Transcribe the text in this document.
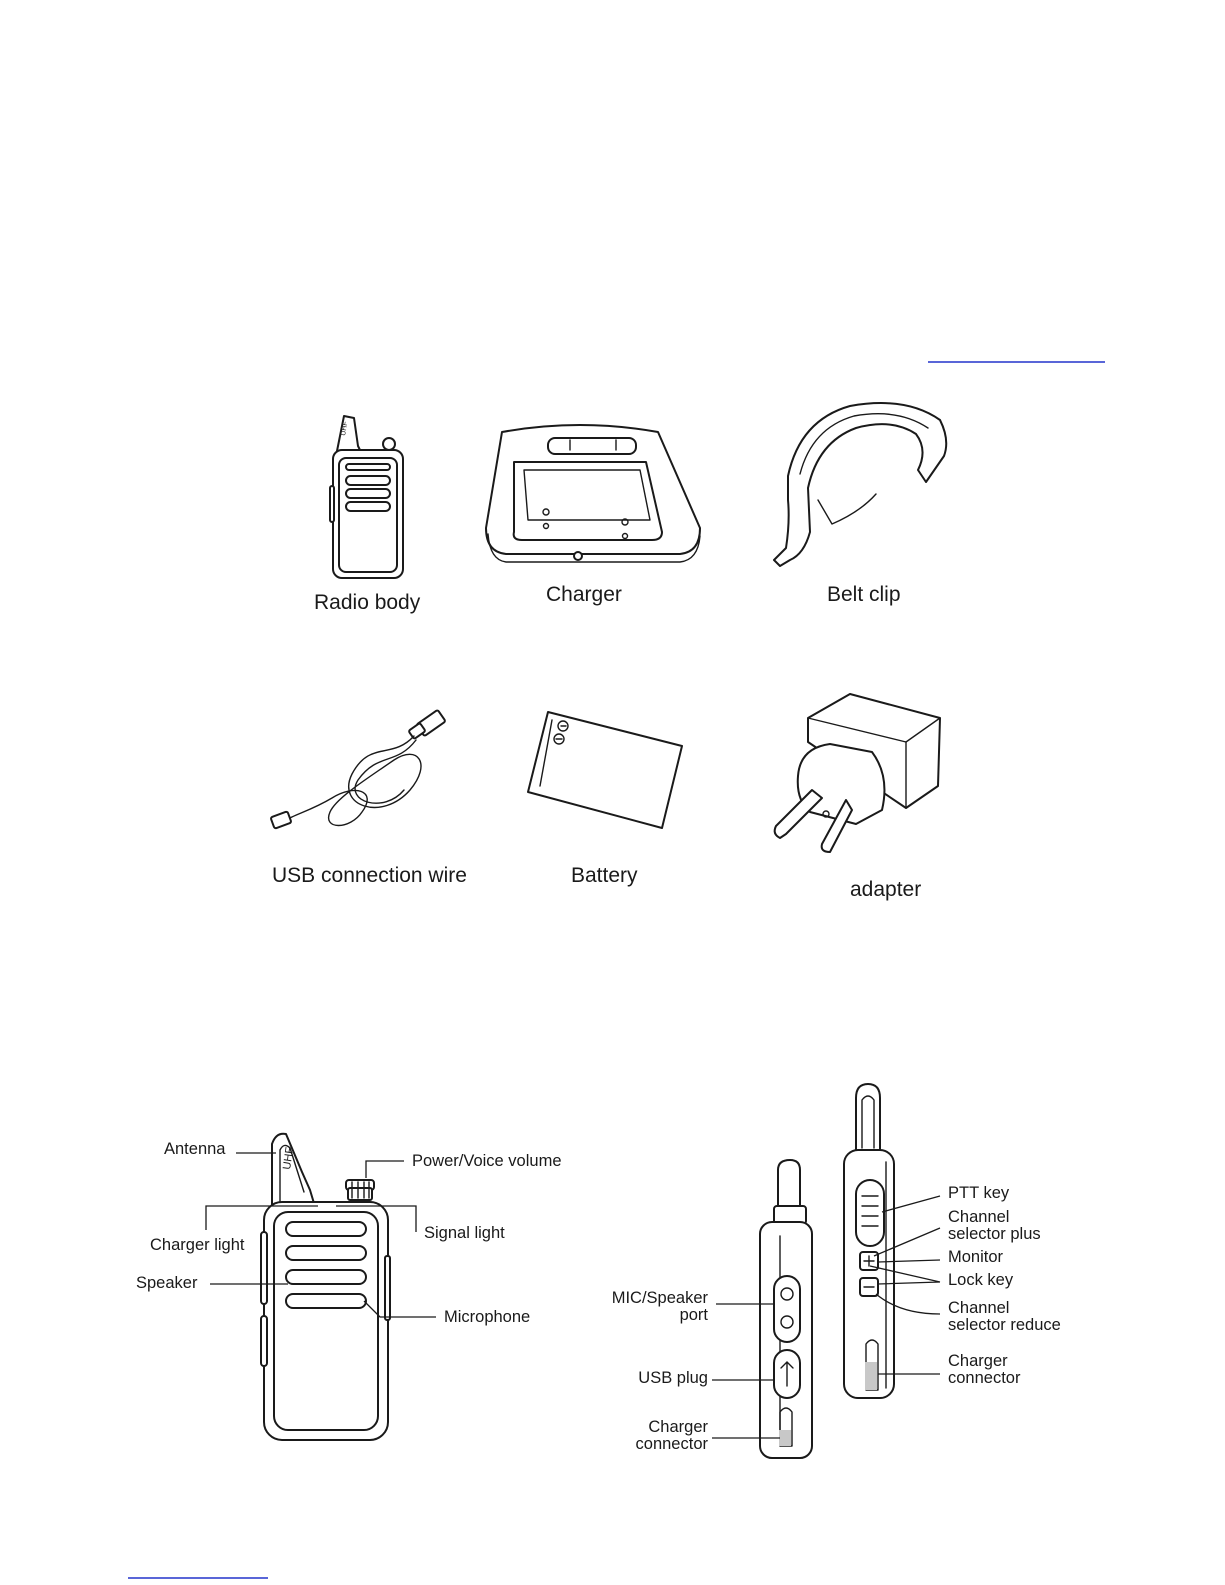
UHF
Radio body	Charger	Belt clip
USB connection wire	Battery
adapter
UHF
Antenna
Power/Voice volume
Charger light
Signal light
Speaker
Microphone
MIC/Speaker
port
USB plug
Charger
connector
PTT key
Channel
selector plus
Monitor
Lock key
Channel
selector reduce
Charger
connector
